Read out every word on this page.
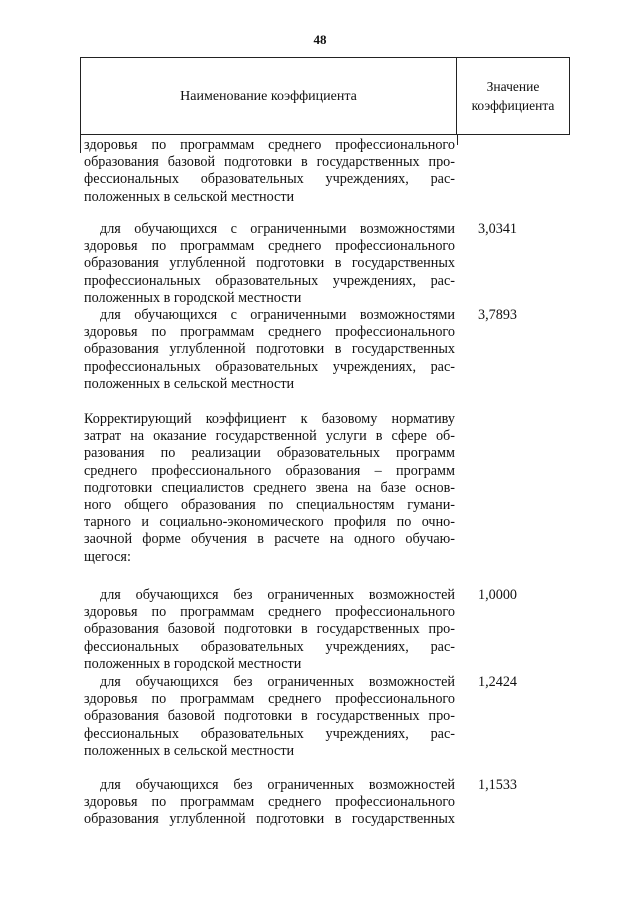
48
Наименование коэффициента
Значение
коэффициента
здоровья по программам среднего профессионального
образования базовой подготовки в государственных про-
фессиональных образовательных учреждениях, рас-
положенных в сельской местности
для обучающихся с ограниченными возможностями
здоровья по программам среднего профессионального
образования углубленной подготовки в государственных
профессиональных образовательных учреждениях, рас-
положенных в городской местности
3,0341
для обучающихся с ограниченными возможностями
здоровья по программам среднего профессионального
образования углубленной подготовки в государственных
профессиональных образовательных учреждениях, рас-
положенных в сельской местности
3,7893
Корректирующий коэффициент к базовому нормативу
затрат на оказание государственной услуги в сфере об-
разования по реализации образовательных программ
среднего профессионального образования – программ
подготовки специалистов среднего звена на базе основ-
ного общего образования по специальностям гумани-
тарного и социально-экономического профиля по очно-
заочной форме обучения в расчете на одного обучаю-
щегося:
для обучающихся без ограниченных возможностей
здоровья по программам среднего профессионального
образования базовой подготовки в государственных про-
фессиональных образовательных учреждениях, рас-
положенных в городской местности
1,0000
для обучающихся без ограниченных возможностей
здоровья по программам среднего профессионального
образования базовой подготовки в государственных про-
фессиональных образовательных учреждениях, рас-
положенных в сельской местности
1,2424
для обучающихся без ограниченных возможностей
здоровья по программам среднего профессионального
образования углубленной подготовки в государственных
1,1533
